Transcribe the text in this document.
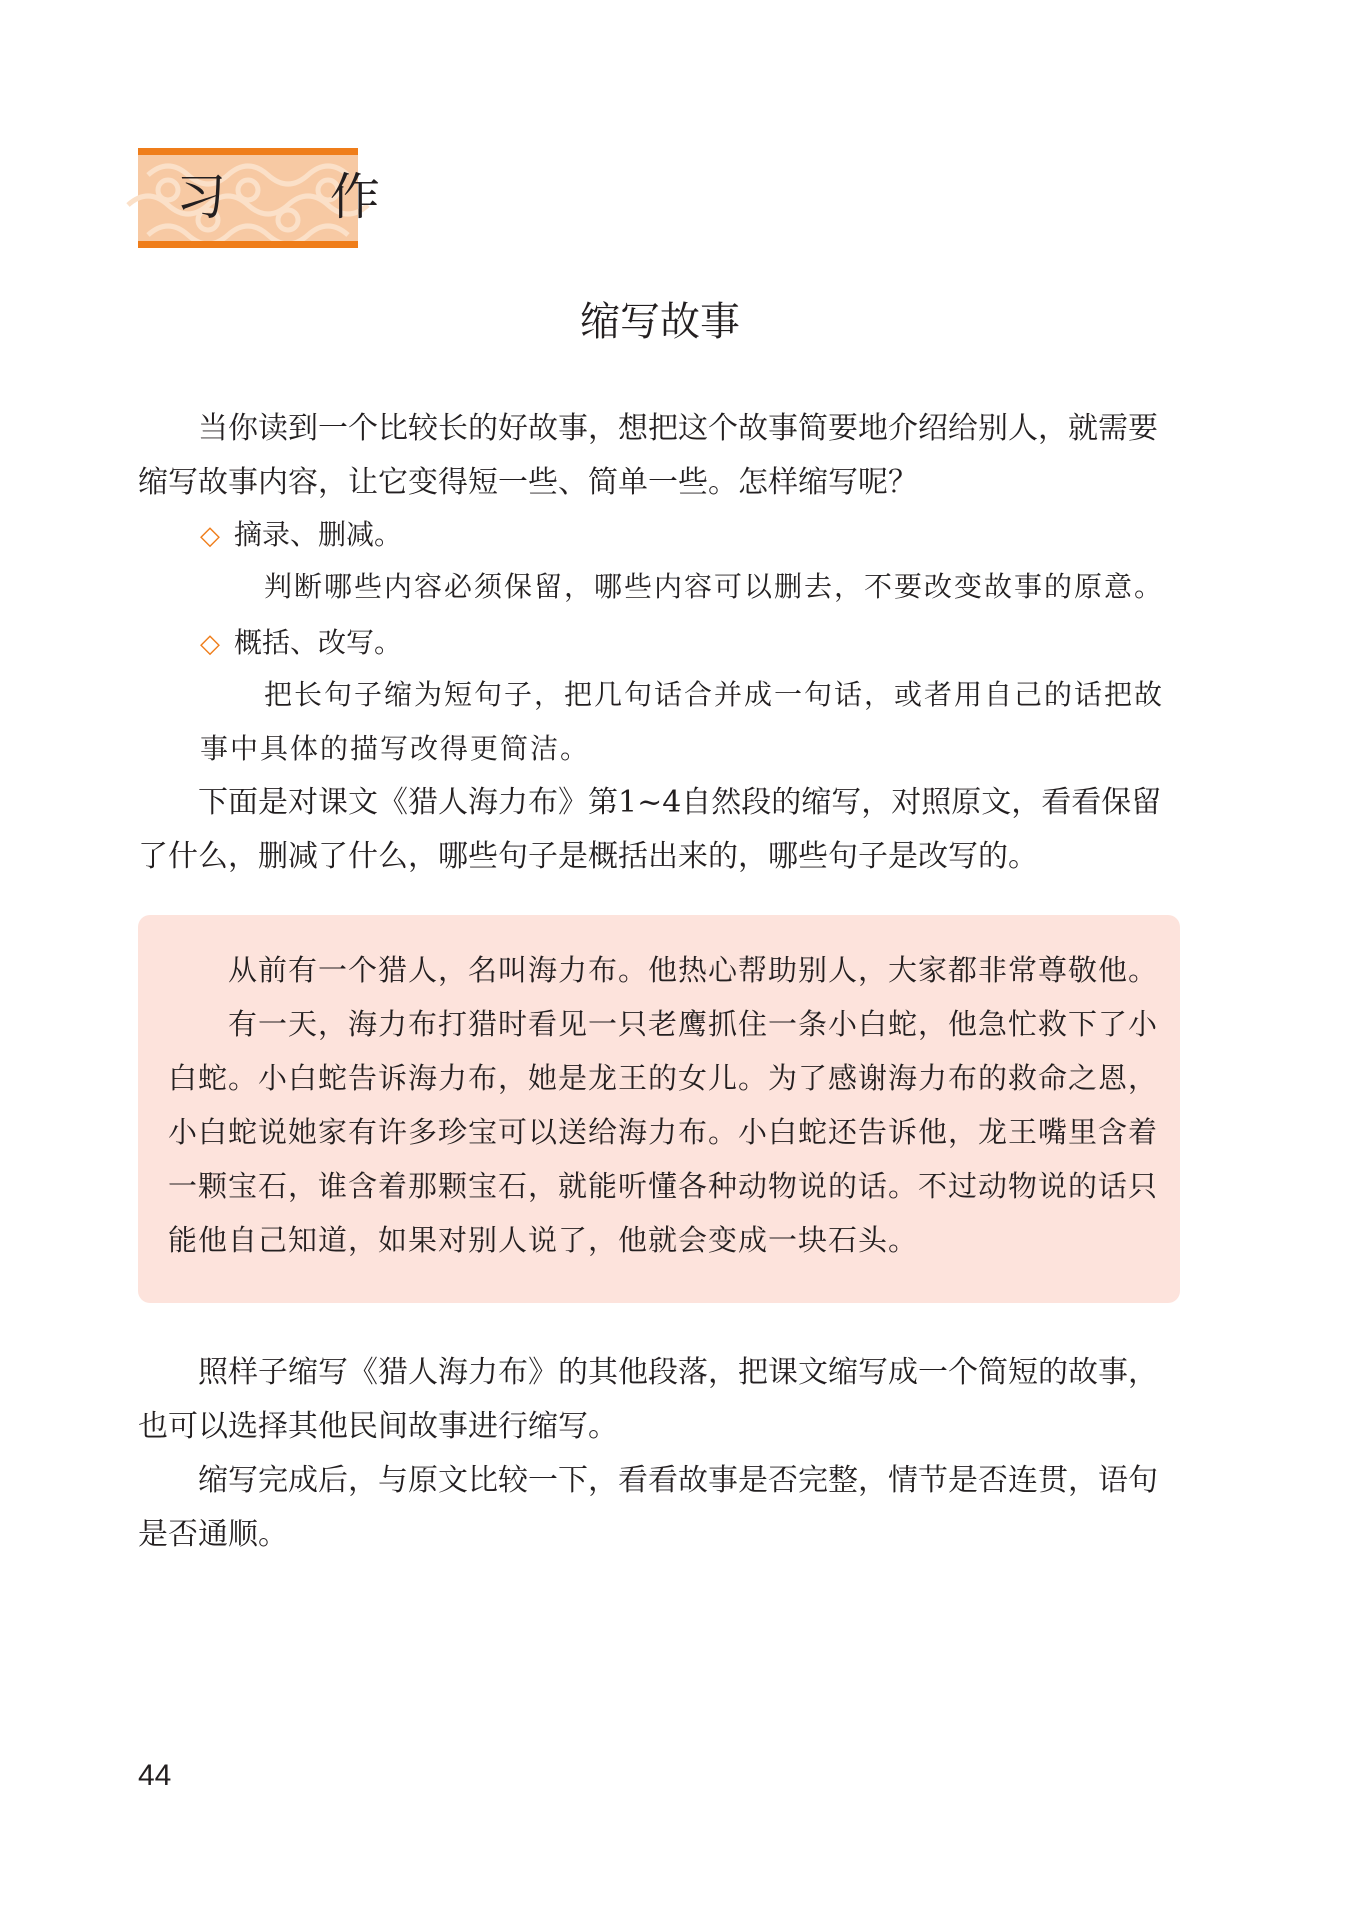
习 作
缩写故事

当你读到一个比较长的好故事，想把这个故事简要地介绍给别人，就需要缩写故事内容，让它变得短一些、简单一些。怎样缩写呢？

◇ 摘录、删减。

判断哪些内容必须保留，哪些内容可以删去，不要改变故事的原意。

◇ 概括、改写。

把长句子缩为短句子，把几句话合并成一句话，或者用自己的话把故事中具体的描写改得更简洁。

下面是对课文《猎人海力布》第1~4自然段的缩写，对照原文，看看保留了什么，删减了什么，哪些句子是概括出来的，哪些句子是改写的。

从前有一个猎人，名叫海力布。他热心帮助别人，大家都非常尊敬他。

有一天，海力布打猎时看见一只老鹰抓住一条小白蛇，他急忙救下了小白蛇。小白蛇告诉海力布，她是龙王的女儿。为了感谢海力布的救命之恩，小白蛇说她家有许多珍宝可以送给海力布。小白蛇还告诉他，龙王嘴里含着一颗宝石，谁含着那颗宝石，就能听懂各种动物说的话。不过动物说的话只能他自己知道，如果对别人说了，他就会变成一块石头。

照样子缩写《猎人海力布》的其他段落，把课文缩写成一个简短的故事，也可以选择其他民间故事进行缩写。

缩写完成后，与原文比较一下，看看故事是否完整，情节是否连贯，语句是否通顺。

44
